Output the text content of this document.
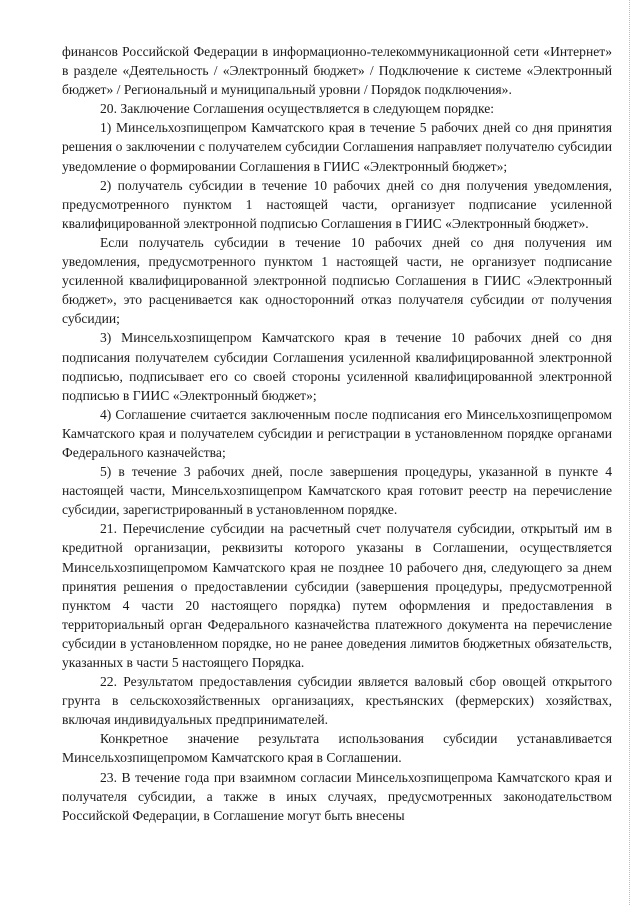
финансов Российской Федерации в информационно-телекоммуникационной сети «Интернет» в разделе «Деятельность / «Электронный бюджет» / Подключение к системе «Электронный бюджет» / Региональный и муниципальный уровни / Порядок подключения».

20. Заключение Соглашения осуществляется в следующем порядке:

1) Минсельхозпищепром Камчатского края в течение 5 рабочих дней со дня принятия решения о заключении с получателем субсидии Соглашения направляет получателю субсидии уведомление о формировании Соглашения в ГИИС «Электронный бюджет»;

2) получатель субсидии в течение 10 рабочих дней со дня получения уведомления, предусмотренного пунктом 1 настоящей части, организует подписание усиленной квалифицированной электронной подписью Соглашения в ГИИС «Электронный бюджет».

Если получатель субсидии в течение 10 рабочих дней со дня получения им уведомления, предусмотренного пунктом 1 настоящей части, не организует подписание усиленной квалифицированной электронной подписью Соглашения в ГИИС «Электронный бюджет», это расценивается как односторонний отказ получателя субсидии от получения субсидии;

3) Минсельхозпищепром Камчатского края в течение 10 рабочих дней со дня подписания получателем субсидии Соглашения усиленной квалифицированной электронной подписью, подписывает его со своей стороны усиленной квалифицированной электронной подписью в ГИИС «Электронный бюджет»;

4) Соглашение считается заключенным после подписания его Минсельхозпищепромом Камчатского края и получателем субсидии и регистрации в установленном порядке органами Федерального казначейства;

5) в течение 3 рабочих дней, после завершения процедуры, указанной в пункте 4 настоящей части, Минсельхозпищепром Камчатского края готовит реестр на перечисление субсидии, зарегистрированный в установленном порядке.

21. Перечисление субсидии на расчетный счет получателя субсидии, открытый им в кредитной организации, реквизиты которого указаны в Соглашении, осуществляется Минсельхозпищепромом Камчатского края не позднее 10 рабочего дня, следующего за днем принятия решения о предоставлении субсидии (завершения процедуры, предусмотренной пунктом 4 части 20 настоящего порядка) путем оформления и предоставления в территориальный орган Федерального казначейства платежного документа на перечисление субсидии в установленном порядке, но не ранее доведения лимитов бюджетных обязательств, указанных в части 5 настоящего Порядка.

22. Результатом предоставления субсидии является валовый сбор овощей открытого грунта в сельскохозяйственных организациях, крестьянских (фермерских) хозяйствах, включая индивидуальных предпринимателей.

Конкретное значение результата использования субсидии устанавливается Минсельхозпищепромом Камчатского края в Соглашении.

23. В течение года при взаимном согласии Минсельхозпищепрома Камчатского края и получателя субсидии, а также в иных случаях, предусмотренных законодательством Российской Федерации, в Соглашение могут быть внесены
